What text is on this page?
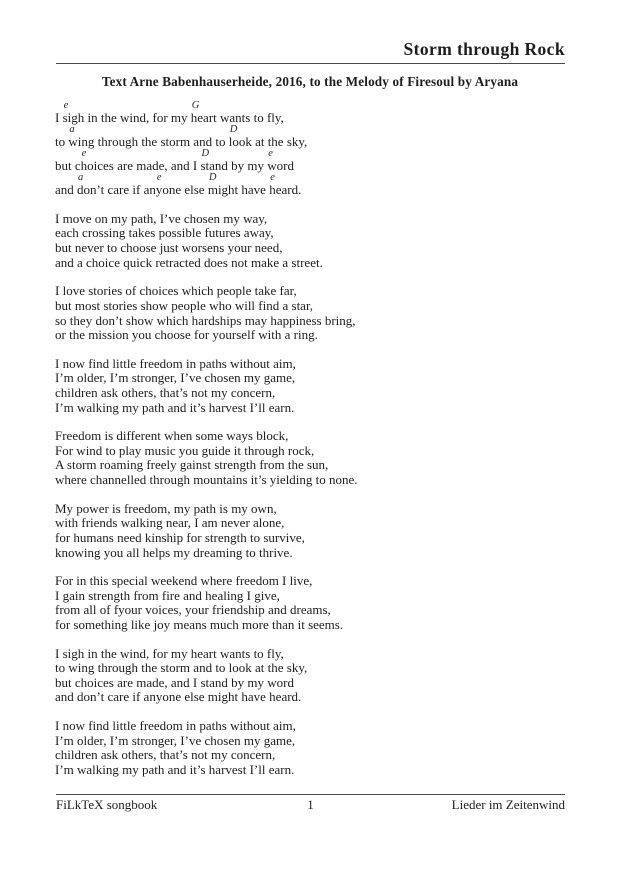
Storm through Rock
Text Arne Babenhauserheide, 2016, to the Melody of Firesoul by Aryana
I
e
sigh in the wind, for my
G
heart wants to fly,
to
a
wing through the storm and to
D
look at the sky,
but c
e
hoices are made, and I
D
stand by my
e
word
and
a
don’t care if an
e
yone else
D
might have
e
heard.
I move on my path, I’ve chosen my way,
each crossing takes possible futures away,
but never to choose just worsens your need,
and a choice quick retracted does not make a street.
I love stories of choices which people take far,
but most stories show people who will find a star,
so they don’t show which hardships may happiness bring,
or the mission you choose for yourself with a ring.
I now find little freedom in paths without aim,
I’m older, I’m stronger, I’ve chosen my game,
children ask others, that’s not my concern,
I’m walking my path and it’s harvest I’ll earn.
Freedom is different when some ways block,
For wind to play music you guide it through rock,
A storm roaming freely gainst strength from the sun,
where channelled through mountains it’s yielding to none.
My power is freedom, my path is my own,
with friends walking near, I am never alone,
for humans need kinship for strength to survive,
knowing you all helps my dreaming to thrive.
For in this special weekend where freedom I live,
I gain strength from fire and healing I give,
from all of fyour voices, your friendship and dreams,
for something like joy means much more than it seems.
I sigh in the wind, for my heart wants to fly,
to wing through the storm and to look at the sky,
but choices are made, and I stand by my word
and don’t care if anyone else might have heard.
I now find little freedom in paths without aim,
I’m older, I’m stronger, I’ve chosen my game,
children ask others, that’s not my concern,
I’m walking my path and it’s harvest I’ll earn.
FiLkTeX songbook	1	Lieder im Zeitenwind
